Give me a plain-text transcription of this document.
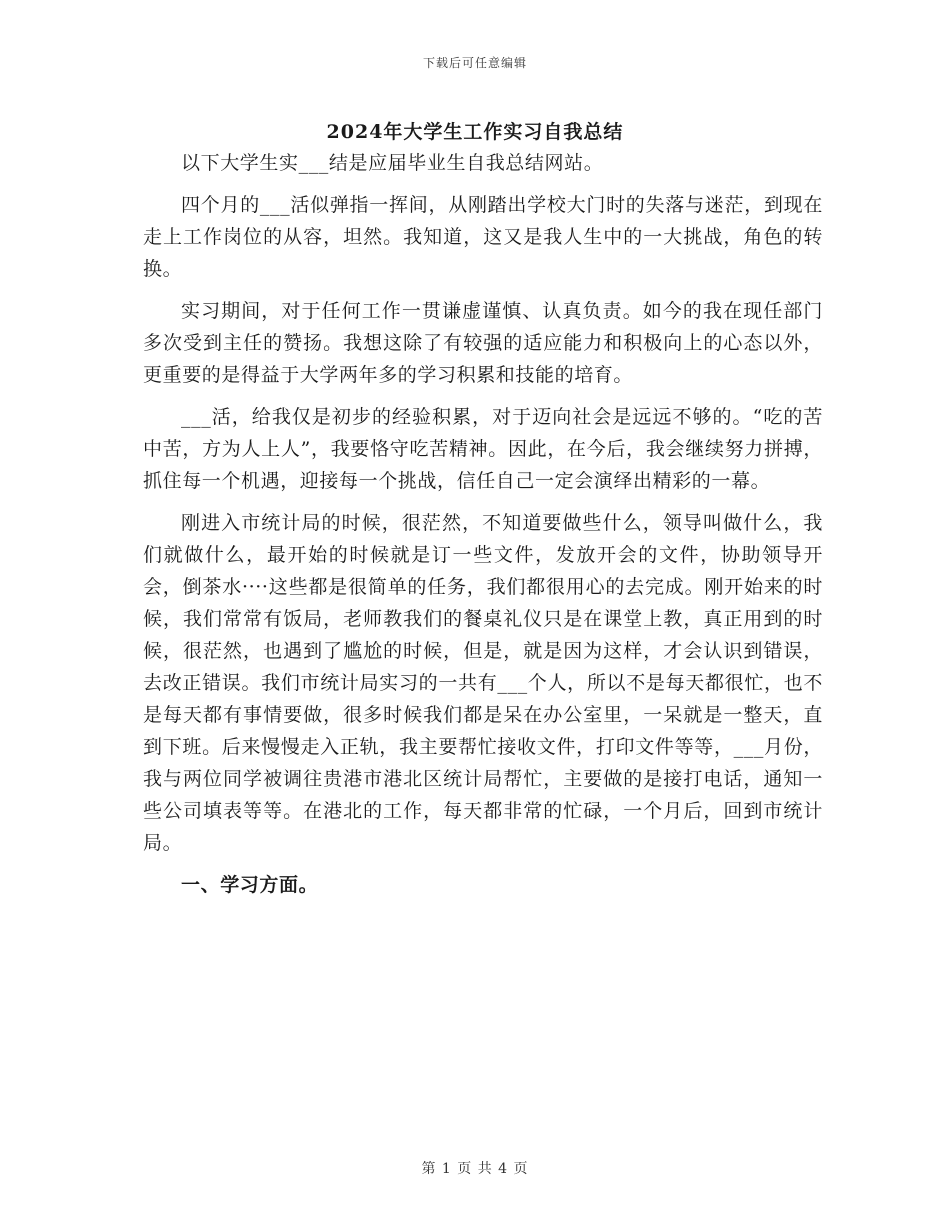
下载后可任意编辑
2024年大学生工作实习自我总结

以下大学生实___结是应届毕业生自我总结网站。

四个月的___活似弹指一挥间，从刚踏出学校大门时的失落与迷茫，到现在走上工作岗位的从容，坦然。我知道，这又是我人生中的一大挑战，角色的转换。

实习期间，对于任何工作一贯谦虚谨慎、认真负责。如今的我在现任部门多次受到主任的赞扬。我想这除了有较强的适应能力和积极向上的心态以外，更重要的是得益于大学两年多的学习积累和技能的培育。

___活，给我仅是初步的经验积累，对于迈向社会是远远不够的。“吃的苦中苦，方为人上人”，我要恪守吃苦精神。因此，在今后，我会继续努力拼搏，抓住每一个机遇，迎接每一个挑战，信任自己一定会演绎出精彩的一幕。

刚进入市统计局的时候，很茫然，不知道要做些什么，领导叫做什么，我们就做什么，最开始的时候就是订一些文件，发放开会的文件，协助领导开会，倒茶水····这些都是很简单的任务，我们都很用心的去完成。刚开始来的时候，我们常常有饭局，老师教我们的餐桌礼仪只是在课堂上教，真正用到的时候，很茫然，也遇到了尴尬的时候，但是，就是因为这样，才会认识到错误，去改正错误。我们市统计局实习的一共有___个人，所以不是每天都很忙，也不是每天都有事情要做，很多时候我们都是呆在办公室里，一呆就是一整天，直到下班。后来慢慢走入正轨，我主要帮忙接收文件，打印文件等等，___月份，我与两位同学被调往贵港市港北区统计局帮忙，主要做的是接打电话，通知一些公司填表等等。在港北的工作，每天都非常的忙碌，一个月后，回到市统计局。

一、学习方面。

第 1 页 共 4 页
